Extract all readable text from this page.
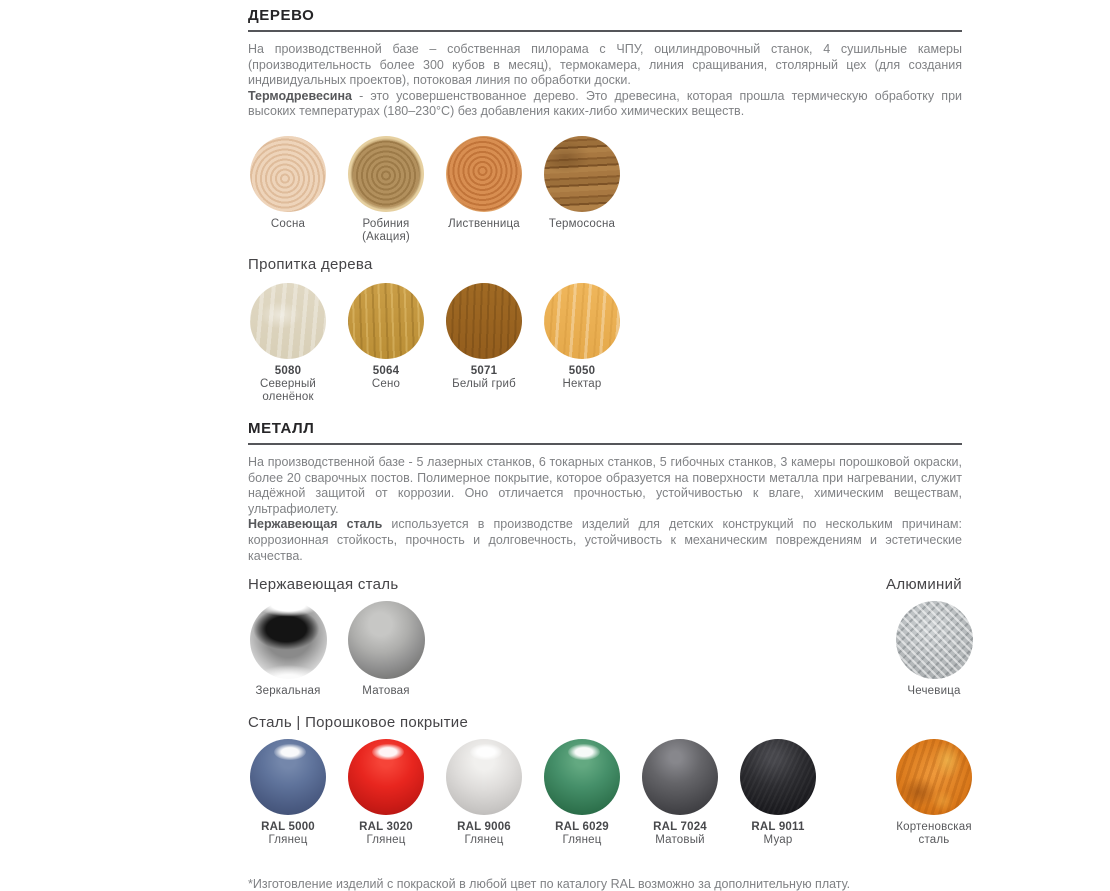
ДЕРЕВО

На производственной базе – собственная пилорама с ЧПУ, оцилиндровочный станок, 4 сушильные камеры (производительность более 300 кубов в месяц), термокамера, линия сращивания, столярный цех (для создания индивидуальных проектов), потоковая линия по обработки доски.

Термодревесина - это усовершенствованное дерево. Это древесина, которая прошла термическую обработку при высоких температурах (180–230°C) без добавления каких-либо химических веществ.

Сосна	Робиния (Акация)
Лиственница	Термососна
Пропитка дерева
5080
Северный оленёнок
5064
Сено
5071
Белый гриб
5050
Нектар
МЕТАЛЛ

На производственной базе - 5 лазерных станков, 6 токарных станков, 5 гибочных станков, 3 камеры порошковой окраски, более 20 сварочных постов. Полимерное покрытие, которое образуется на поверхности металла при нагревании, служит надёжной защитой от коррозии. Оно отличается прочностью, устойчивостью к влаге, химическим веществам, ультрафиолету.

Нержавеющая сталь используется в производстве изделий для детских конструкций по нескольким причинам: коррозионная стойкость, прочность и долговечность, устойчивость к механическим повреждениям и эстетические качества.

Нержавеющая сталь	Алюминий
Зеркальная	Матовая	Чечевица
Сталь | Порошковое покрытие
RAL 5000
Глянец
RAL 3020
Глянец
RAL 9006
Глянец
RAL 6029
Глянец
RAL 7024
Матовый
RAL 9011
Муар
Кортеновская сталь

*Изготовление изделий с покраской в любой цвет по каталогу RAL возможно за дополнительную плату.
